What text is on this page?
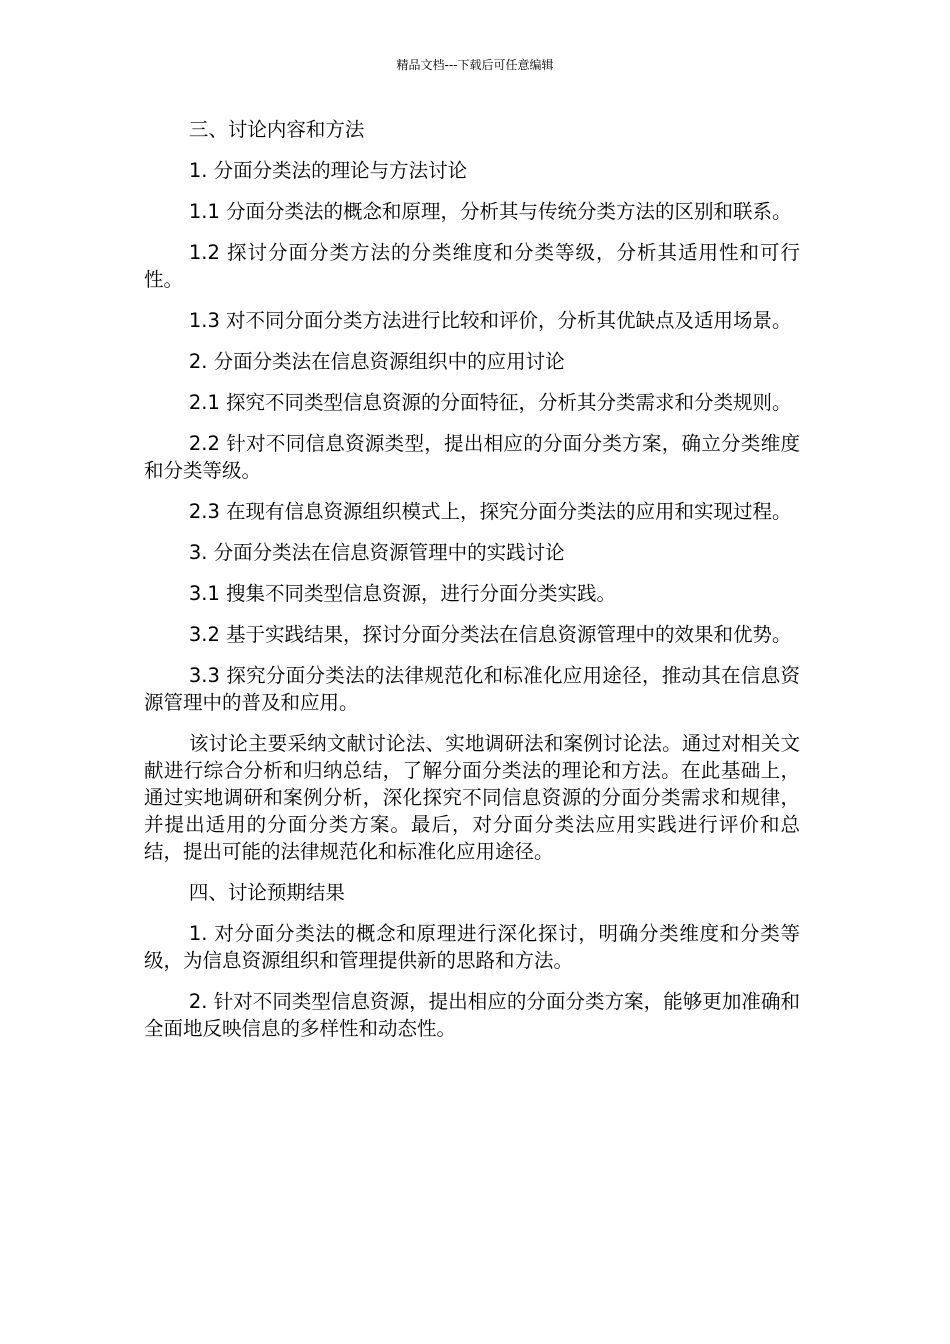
精品文档---下载后可任意编辑

三、讨论内容和方法

1. 分面分类法的理论与方法讨论

1.1 分面分类法的概念和原理，分析其与传统分类方法的区别和联系。

1.2 探讨分面分类方法的分类维度和分类等级，分析其适用性和可行性。

1.3 对不同分面分类方法进行比较和评价，分析其优缺点及适用场景。

2. 分面分类法在信息资源组织中的应用讨论

2.1 探究不同类型信息资源的分面特征，分析其分类需求和分类规则。

2.2 针对不同信息资源类型，提出相应的分面分类方案，确立分类维度和分类等级。

2.3 在现有信息资源组织模式上，探究分面分类法的应用和实现过程。

3. 分面分类法在信息资源管理中的实践讨论

3.1 搜集不同类型信息资源，进行分面分类实践。

3.2 基于实践结果，探讨分面分类法在信息资源管理中的效果和优势。

3.3 探究分面分类法的法律规范化和标准化应用途径，推动其在信息资源管理中的普及和应用。

该讨论主要采纳文献讨论法、实地调研法和案例讨论法。通过对相关文献进行综合分析和归纳总结，了解分面分类法的理论和方法。在此基础上，通过实地调研和案例分析，深化探究不同信息资源的分面分类需求和规律，并提出适用的分面分类方案。最后，对分面分类法应用实践进行评价和总结，提出可能的法律规范化和标准化应用途径。

四、讨论预期结果

1. 对分面分类法的概念和原理进行深化探讨，明确分类维度和分类等级，为信息资源组织和管理提供新的思路和方法。

2. 针对不同类型信息资源，提出相应的分面分类方案，能够更加准确和全面地反映信息的多样性和动态性。
